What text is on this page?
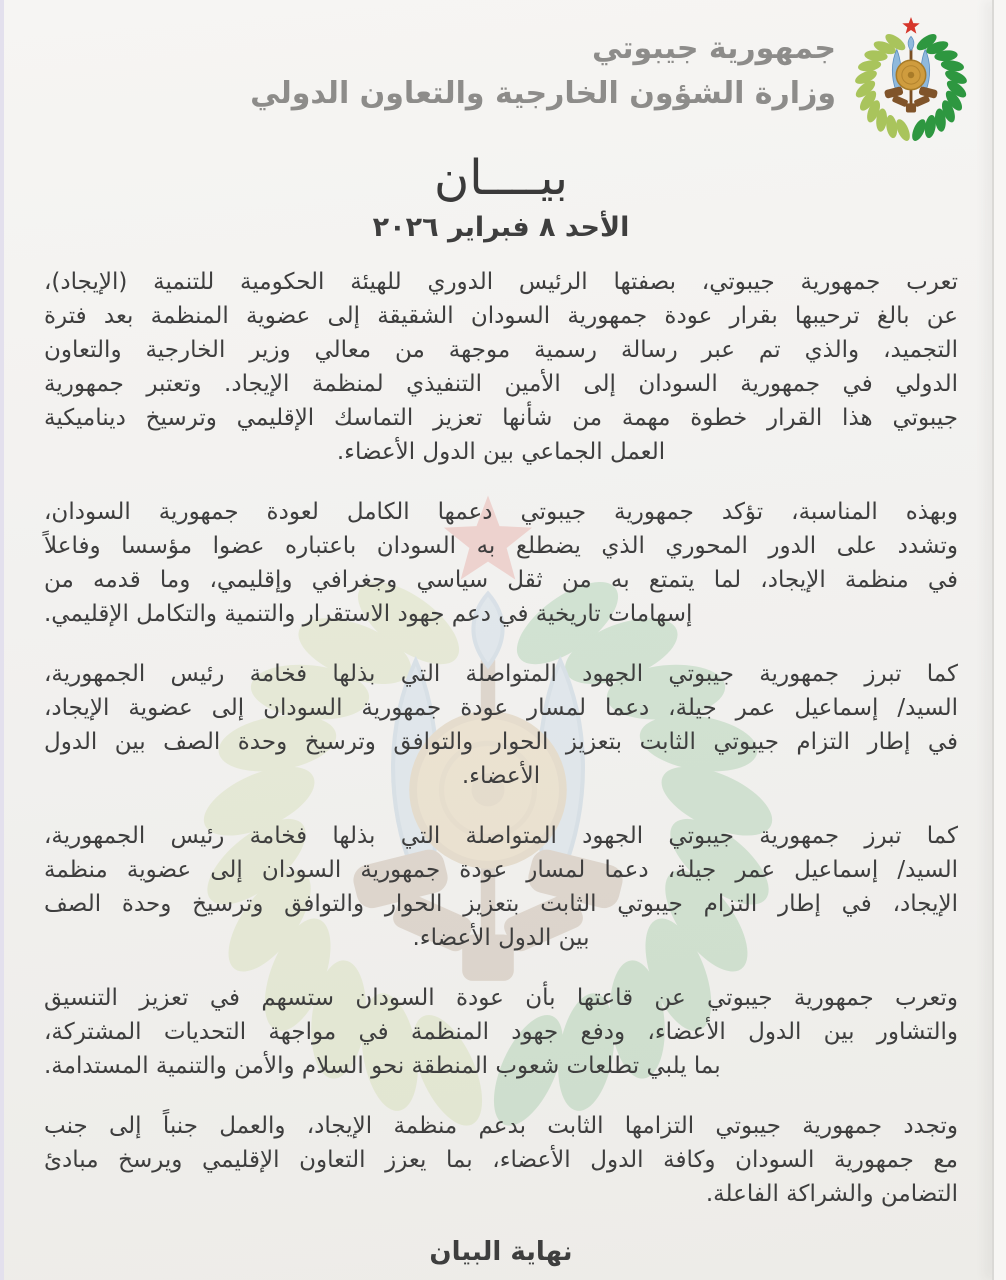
جمهورية جيبوتي
وزارة الشؤون الخارجية والتعاون الدولي
بيــــان
الأحد ٨ فبراير ٢٠٢٦
تعرب جمهورية جيبوتي، بصفتها الرئيس الدوري للهيئة الحكومية للتنمية (الإيجاد)،
عن بالغ ترحيبها بقرار عودة جمهورية السودان الشقيقة إلى عضوية المنظمة بعد فترة
التجميد، والذي تم عبر رسالة رسمية موجهة من معالي وزير الخارجية والتعاون
الدولي في جمهورية السودان إلى الأمين التنفيذي لمنظمة الإيجاد. وتعتبر جمهورية
جيبوتي هذا القرار خطوة مهمة من شأنها تعزيز التماسك الإقليمي وترسيخ ديناميكية
العمل الجماعي بين الدول الأعضاء.
وبهذه المناسبة، تؤكد جمهورية جيبوتي دعمها الكامل لعودة جمهورية السودان،
وتشدد على الدور المحوري الذي يضطلع به السودان باعتباره عضوا مؤسسا وفاعلاً
في منظمة الإيجاد، لما يتمتع به من ثقل سياسي وجغرافي وإقليمي، وما قدمه من
إسهامات تاريخية في دعم جهود الاستقرار والتنمية والتكامل الإقليمي.
كما تبرز جمهورية جيبوتي الجهود المتواصلة التي بذلها فخامة رئيس الجمهورية،
السيد/ إسماعيل عمر جيلة، دعما لمسار عودة جمهورية السودان إلى عضوية الإيجاد،
في إطار التزام جيبوتي الثابت بتعزيز الحوار والتوافق وترسيخ وحدة الصف بين الدول
الأعضاء.
كما تبرز جمهورية جيبوتي الجهود المتواصلة التي بذلها فخامة رئيس الجمهورية،
السيد/ إسماعيل عمر جيلة، دعما لمسار عودة جمهورية السودان إلى عضوية منظمة
الإيجاد، في إطار التزام جيبوتي الثابت بتعزيز الحوار والتوافق وترسيخ وحدة الصف
بين الدول الأعضاء.
وتعرب جمهورية جيبوتي عن قاعتها بأن عودة السودان ستسهم في تعزيز التنسيق
والتشاور بين الدول الأعضاء، ودفع جهود المنظمة في مواجهة التحديات المشتركة،
بما يلبي تطلعات شعوب المنطقة نحو السلام والأمن والتنمية المستدامة.
وتجدد جمهورية جيبوتي التزامها الثابت بدعم منظمة الإيجاد، والعمل جنباً إلى جنب
مع جمهورية السودان وكافة الدول الأعضاء، بما يعزز التعاون الإقليمي ويرسخ مبادئ
التضامن والشراكة الفاعلة.
نهاية البيان
